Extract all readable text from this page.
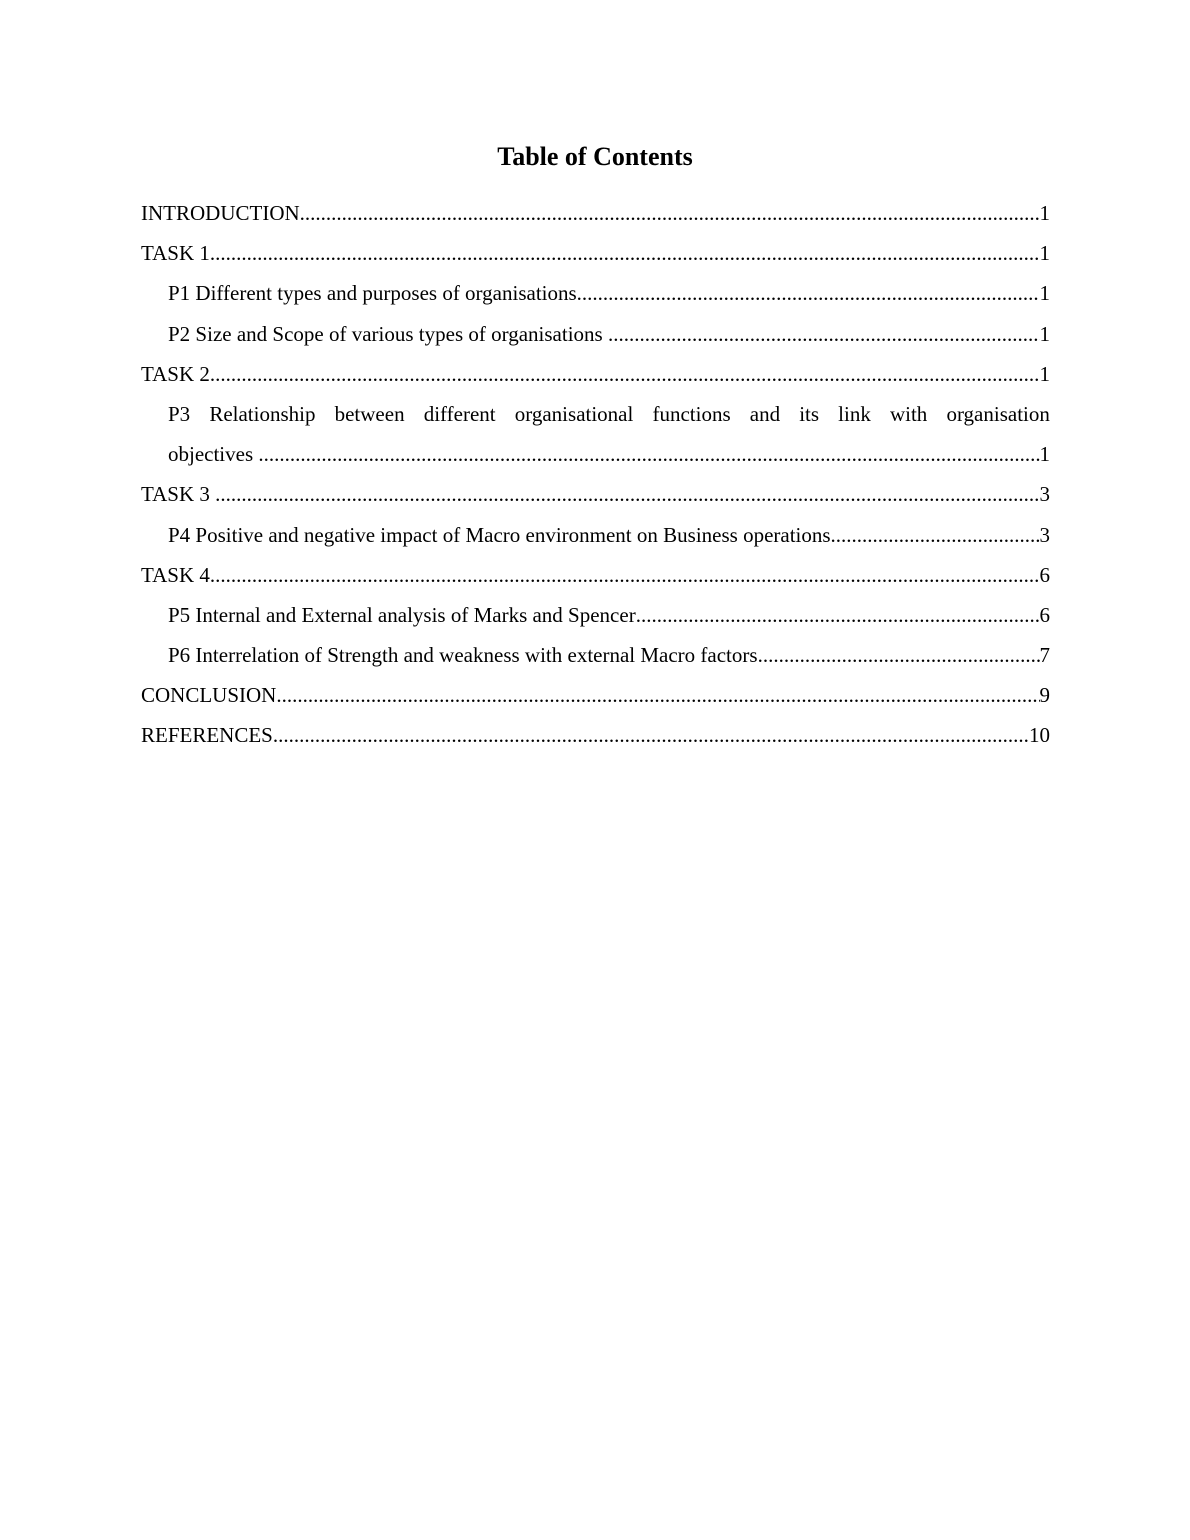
Table of Contents
INTRODUCTION .....	1
TASK 1 .....	1
P1 Different types and purposes of organisations .....	1
P2 Size and Scope of various types of organisations .....	1
TASK 2 .....	1
P3 Relationship between different organisational functions and its link with organisation
objectives .....	1
TASK 3 .....	3
P4 Positive and negative impact of Macro environment on Business operations .....	3
TASK 4 .....	6
P5 Internal and External analysis of Marks and Spencer .....	6
P6 Interrelation of Strength and weakness with external Macro factors .....	7
CONCLUSION .....	9
REFERENCES .....	10
